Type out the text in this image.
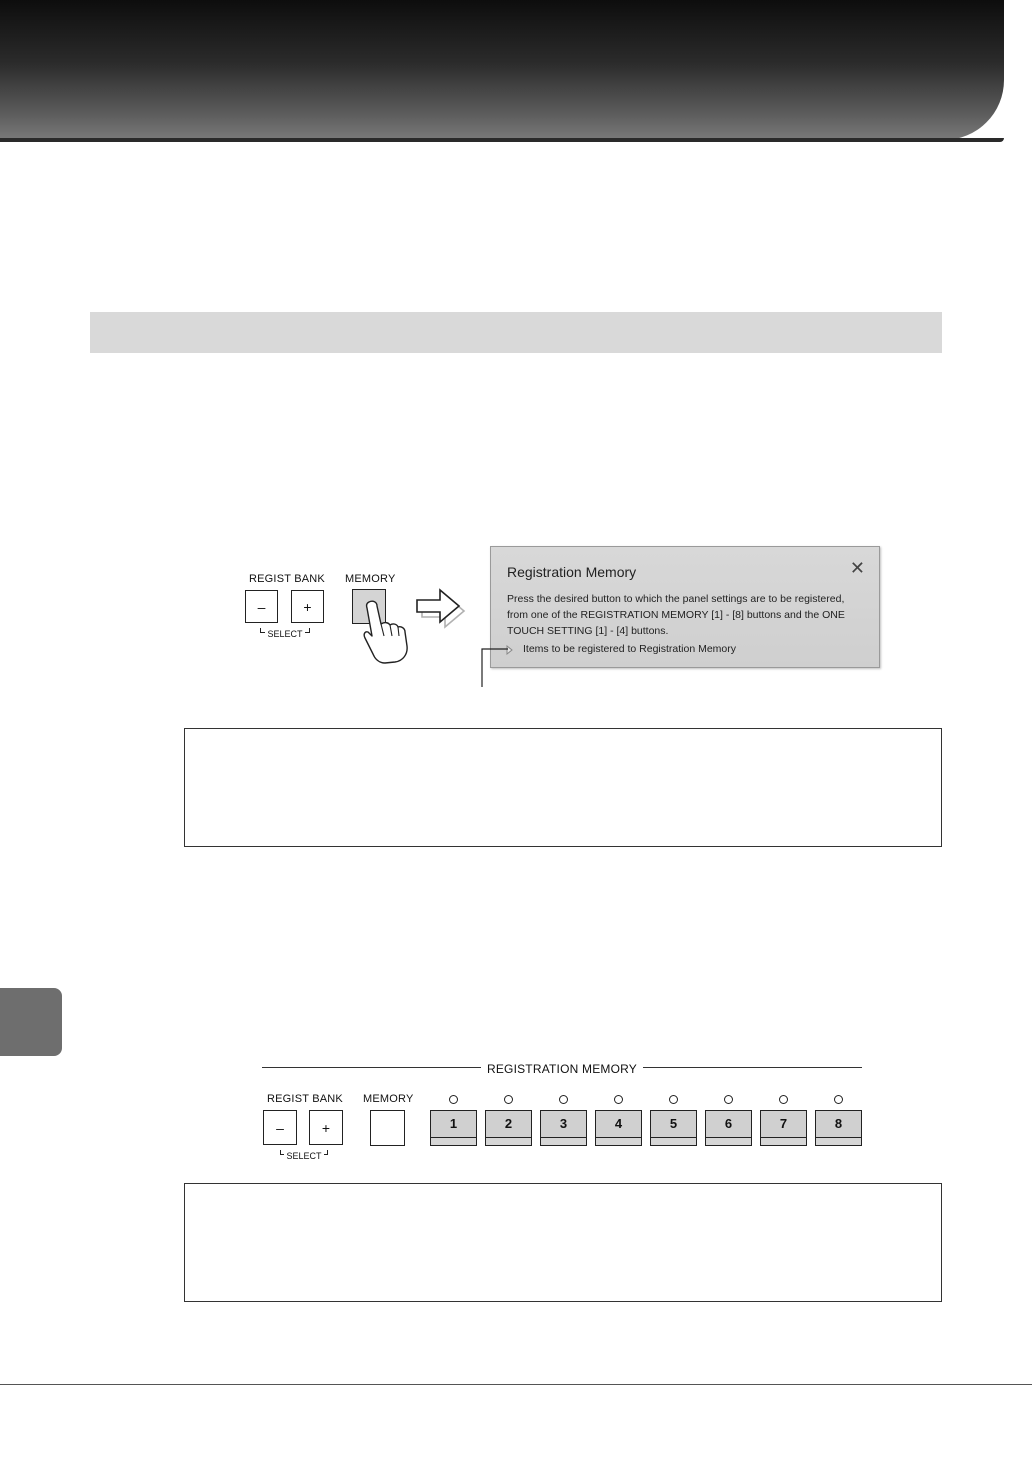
REGIST BANK
–	+
SELECT
MEMORY	Registration Memory	✕
Press the desired button to which the panel settings are to be registered, from one of the REGISTRATION MEMORY [1] - [8] buttons and the ONE TOUCH SETTING [1] - [4] buttons.
Items to be registered to Registration Memory
REGISTRATION MEMORY
REGIST BANK
–	+
SELECT
MEMORY
1	2	3	4	5	6	7	8
